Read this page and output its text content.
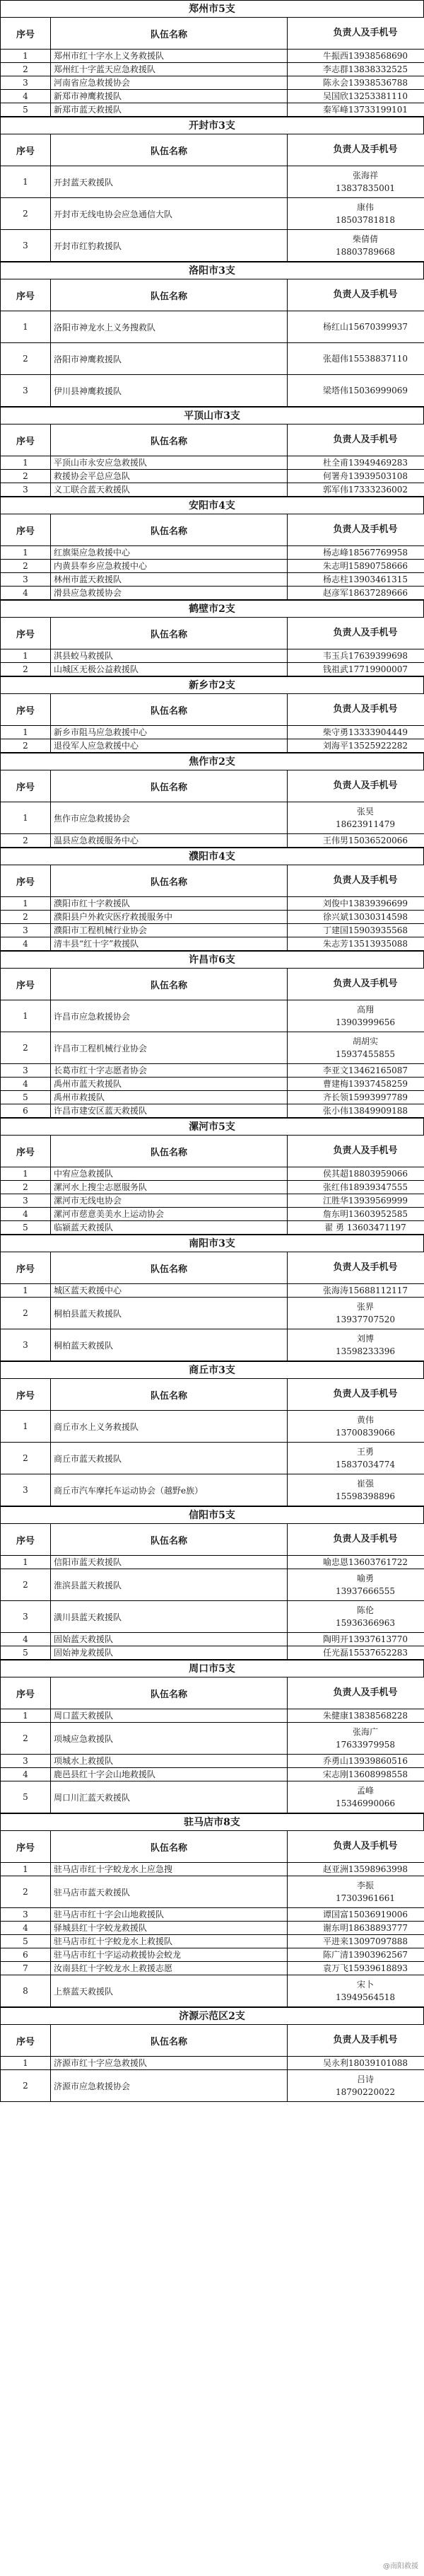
郑州市5支
序号	队伍名称	负责人及手机号
1	郑州市红十字水上义务救援队	牛振西13938568690
2	郑州红十字蓝天应急救援队	李志群13838332525
3	河南省应急救援协会	陈永会13938536788
4	新郑市神鹰救援队	吴国欣13253381110
5	新郑市蓝天救援队	秦军峰13733199101
开封市3支
序号	队伍名称	负责人及手机号
1	开封蓝天救援队	张海祥
13837835001

2	开封市无线电协会应急通信大队	康伟
18503781818

3	开封市红豹救援队	柴倩倩
18803789668
洛阳市3支
序号	队伍名称	负责人及手机号
1	洛阳市神龙水上义务搜救队	杨红山15670399937
2	洛阳市神鹰救援队	张超伟15538837110
3	伊川县神鹰救援队	梁塔伟15036999069
平顶山市3支
序号	队伍名称	负责人及手机号
1	平顶山市永安应急救援队	杜全甫13949469283
2	救援协会平总应急队	何署舟13939503108
3	义工联合蓝天救援队	郭军伟17333236002
安阳市4支
序号	队伍名称	负责人及手机号
1	红旗渠应急救援中心	杨志峰18567769958
2	内黄县奉乡应急救援中心	朱志明15890758666
3	林州市蓝天救援队	杨志柱13903461315
4	滑县应急救援协会	赵彦军18637289666
鹤壁市2支
序号	队伍名称	负责人及手机号
1	淇县蛟马救援队	韦玉兵17639399698
2	山城区无极公益救援队	钱祖武17719900007
新乡市2支
序号	队伍名称	负责人及手机号
1	新乡市阻马应急救援中心	柴守勇13333904449
2	退役军人应急救援中心	刘海平13525922282
焦作市2支
序号	队伍名称	负责人及手机号
1	焦作市应急救援协会	张昊
18623911479

2	温县应急救援服务中心	王伟男15036520066
濮阳市4支
序号	队伍名称	负责人及手机号
1	濮阳市红十字救援队	刘俊中13839396699
2	濮阳县户外救灾医疗救援服务中	徐兴斌13030314598
3	濮阳市工程机械行业协会	丁建国15903935568
4	清丰县“红十字”救援队	朱志芳13513935088
许昌市6支
序号	队伍名称	负责人及手机号
1	许昌市应急救援协会	高翔
13903999656

2	许昌市工程机械行业协会	胡胡实
15937455855

3	长葛市红十字志愿者协会	李亚文13462165087
4	禹州市蓝天救援队	曹建梅13937458259
5	禹州市救援队	齐长领15993997789
6	许昌市建安区蓝天救援队	张小伟13849909188
漯河市5支
序号	队伍名称	负责人及手机号
1	中宥应急救援队	侯其超18803959066
2	漯河水上搜尘志愿服务队	张红伟18939347555
3	漯河市无线电协会	江胜华13939569999
4	漯河市慈意美美水上运动协会	詹东明13603952585
5	临颍蓝天救援队	翟 勇 13603471197
南阳市3支
序号	队伍名称	负责人及手机号
1	城区蓝天救援中心	张海涛15688112117
2	桐柏县蓝天救援队	张界
13937707520

3	桐柏蓝天救援队	刘博
13598233396
商丘市3支
序号	队伍名称	负责人及手机号
1	商丘市水上义务救援队	黄伟
13700839066

2	商丘市蓝天救援队	王勇
15837034774

3	商丘市汽车摩托车运动协会（越野e族）	崔强
15598398896
信阳市5支
序号	队伍名称	负责人及手机号
1	信阳市蓝天救援队	喻忠恩13603761722
2	淮滨县蓝天救援队	喻勇
13937666555

3	潢川县蓝天救援队	陈伦
15936366963

4	固始蓝天救援队	陶明开13937613770
5	固始神龙救援队	任光磊15537652283
周口市5支
序号	队伍名称	负责人及手机号
1	周口蓝天救援队	朱健康13838568228
2	项城应急救援队	张海广
17633979958

3	项城水上救援队	乔勇山13939860516
4	鹿邑县红十字会山地救援队	宋志刚13608998558
5	周口川汇蓝天救援队	孟峰
15346990066
驻马店市8支
序号	队伍名称	负责人及手机号
1	驻马店市红十字蛟龙水上应急搜	赵亚洲13598963998
2	驻马店市蓝天救援队	李振
17303961661

3	驻马店市红十字会山地救援队	谭国富15036919006
4	驿城县红十字蛟龙救援队	谢东明18638893777
5	驻马店市红十字蛟龙水上救援队	平进来13097097888
6	驻马店市红十字运动救援协会蛟龙	陈广清13903962567
7	汝南县红十字蛟龙水上救援志愿	袁万飞15939618893
8	上蔡蓝天救援队	宋卜
13949564518
济源示范区2支
序号	队伍名称	负责人及手机号
1	济源市红十字应急救援队	吴永利18039101088
2	济源市应急救援协会	吕诗
18790220022
@南阳救援
